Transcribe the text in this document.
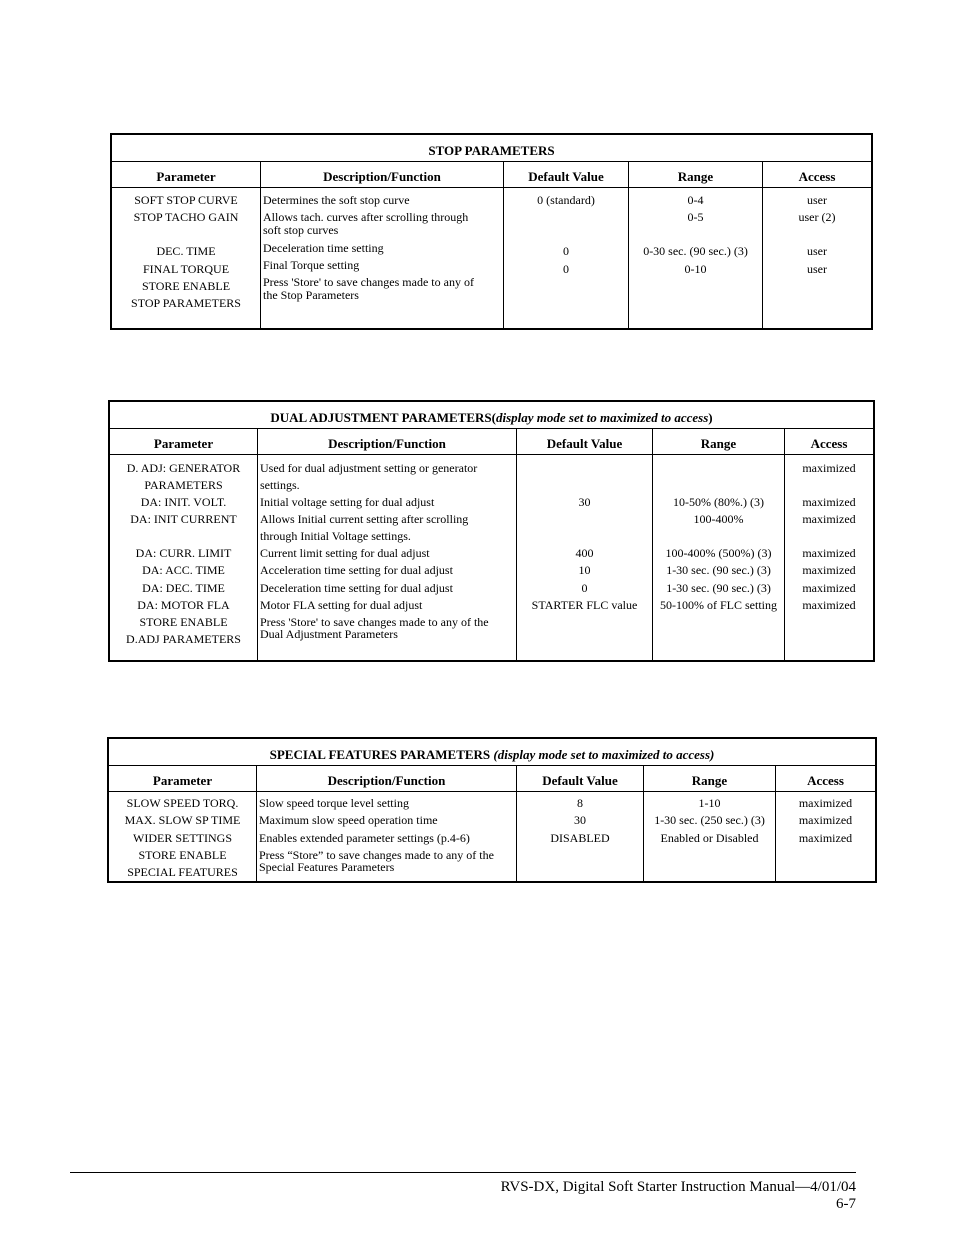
STOP PARAMETERS
Parameter
SOFT STOP CURVE
STOP TACHO GAIN
DEC. TIME
FINAL TORQUE
STORE ENABLE
STOP PARAMETERS
Description/Function
Determines the soft stop curve
Allows tach. curves after scrolling through
soft stop curves
Deceleration time setting
Final Torque setting
Press 'Store' to save changes made to any of
the Stop Parameters
Default Value
0 (standard)
0
0
Range
0-4
0-5
0-30 sec. (90 sec.) (3)
0-10
Access
user
user (2)
user
user
DUAL ADJUSTMENT PARAMETERS(display mode set to maximized to access)
Parameter
D. ADJ: GENERATOR
PARAMETERS
DA: INIT. VOLT.
DA: INIT CURRENT
DA: CURR. LIMIT
DA: ACC. TIME
DA: DEC. TIME
DA: MOTOR FLA
STORE ENABLE
D.ADJ PARAMETERS
Description/Function
Used for dual adjustment setting or generator
settings.
Initial voltage setting for dual adjust
Allows Initial current setting after scrolling
through Initial Voltage settings.
Current limit setting for dual adjust
Acceleration time setting for dual adjust
Deceleration time setting for dual adjust
Motor FLA setting for dual adjust
Press 'Store' to save changes made to any of the
Dual Adjustment Parameters
Default Value
30
400
10
0
STARTER FLC value
Range
10-50% (80%.) (3)
100-400%
100-400% (500%) (3)
1-30 sec. (90 sec.) (3)
1-30 sec. (90 sec.) (3)
50-100% of FLC setting
Access
maximized
maximized
maximized
maximized
maximized
maximized
maximized
SPECIAL FEATURES PARAMETERS (display mode set to maximized to access)
Parameter
SLOW SPEED TORQ.
MAX. SLOW SP TIME
WIDER SETTINGS
STORE ENABLE
SPECIAL FEATURES
Description/Function
Slow speed torque level setting
Maximum slow speed operation time
Enables extended parameter settings (p.4-6)
Press “Store” to save changes made to any of the
Special Features Parameters
Default Value
8
30
DISABLED
Range
1-10
1-30 sec. (250 sec.) (3)
Enabled or Disabled
Access
maximized
maximized
maximized
RVS-DX, Digital Soft Starter Instruction Manual—4/01/04
6-7
